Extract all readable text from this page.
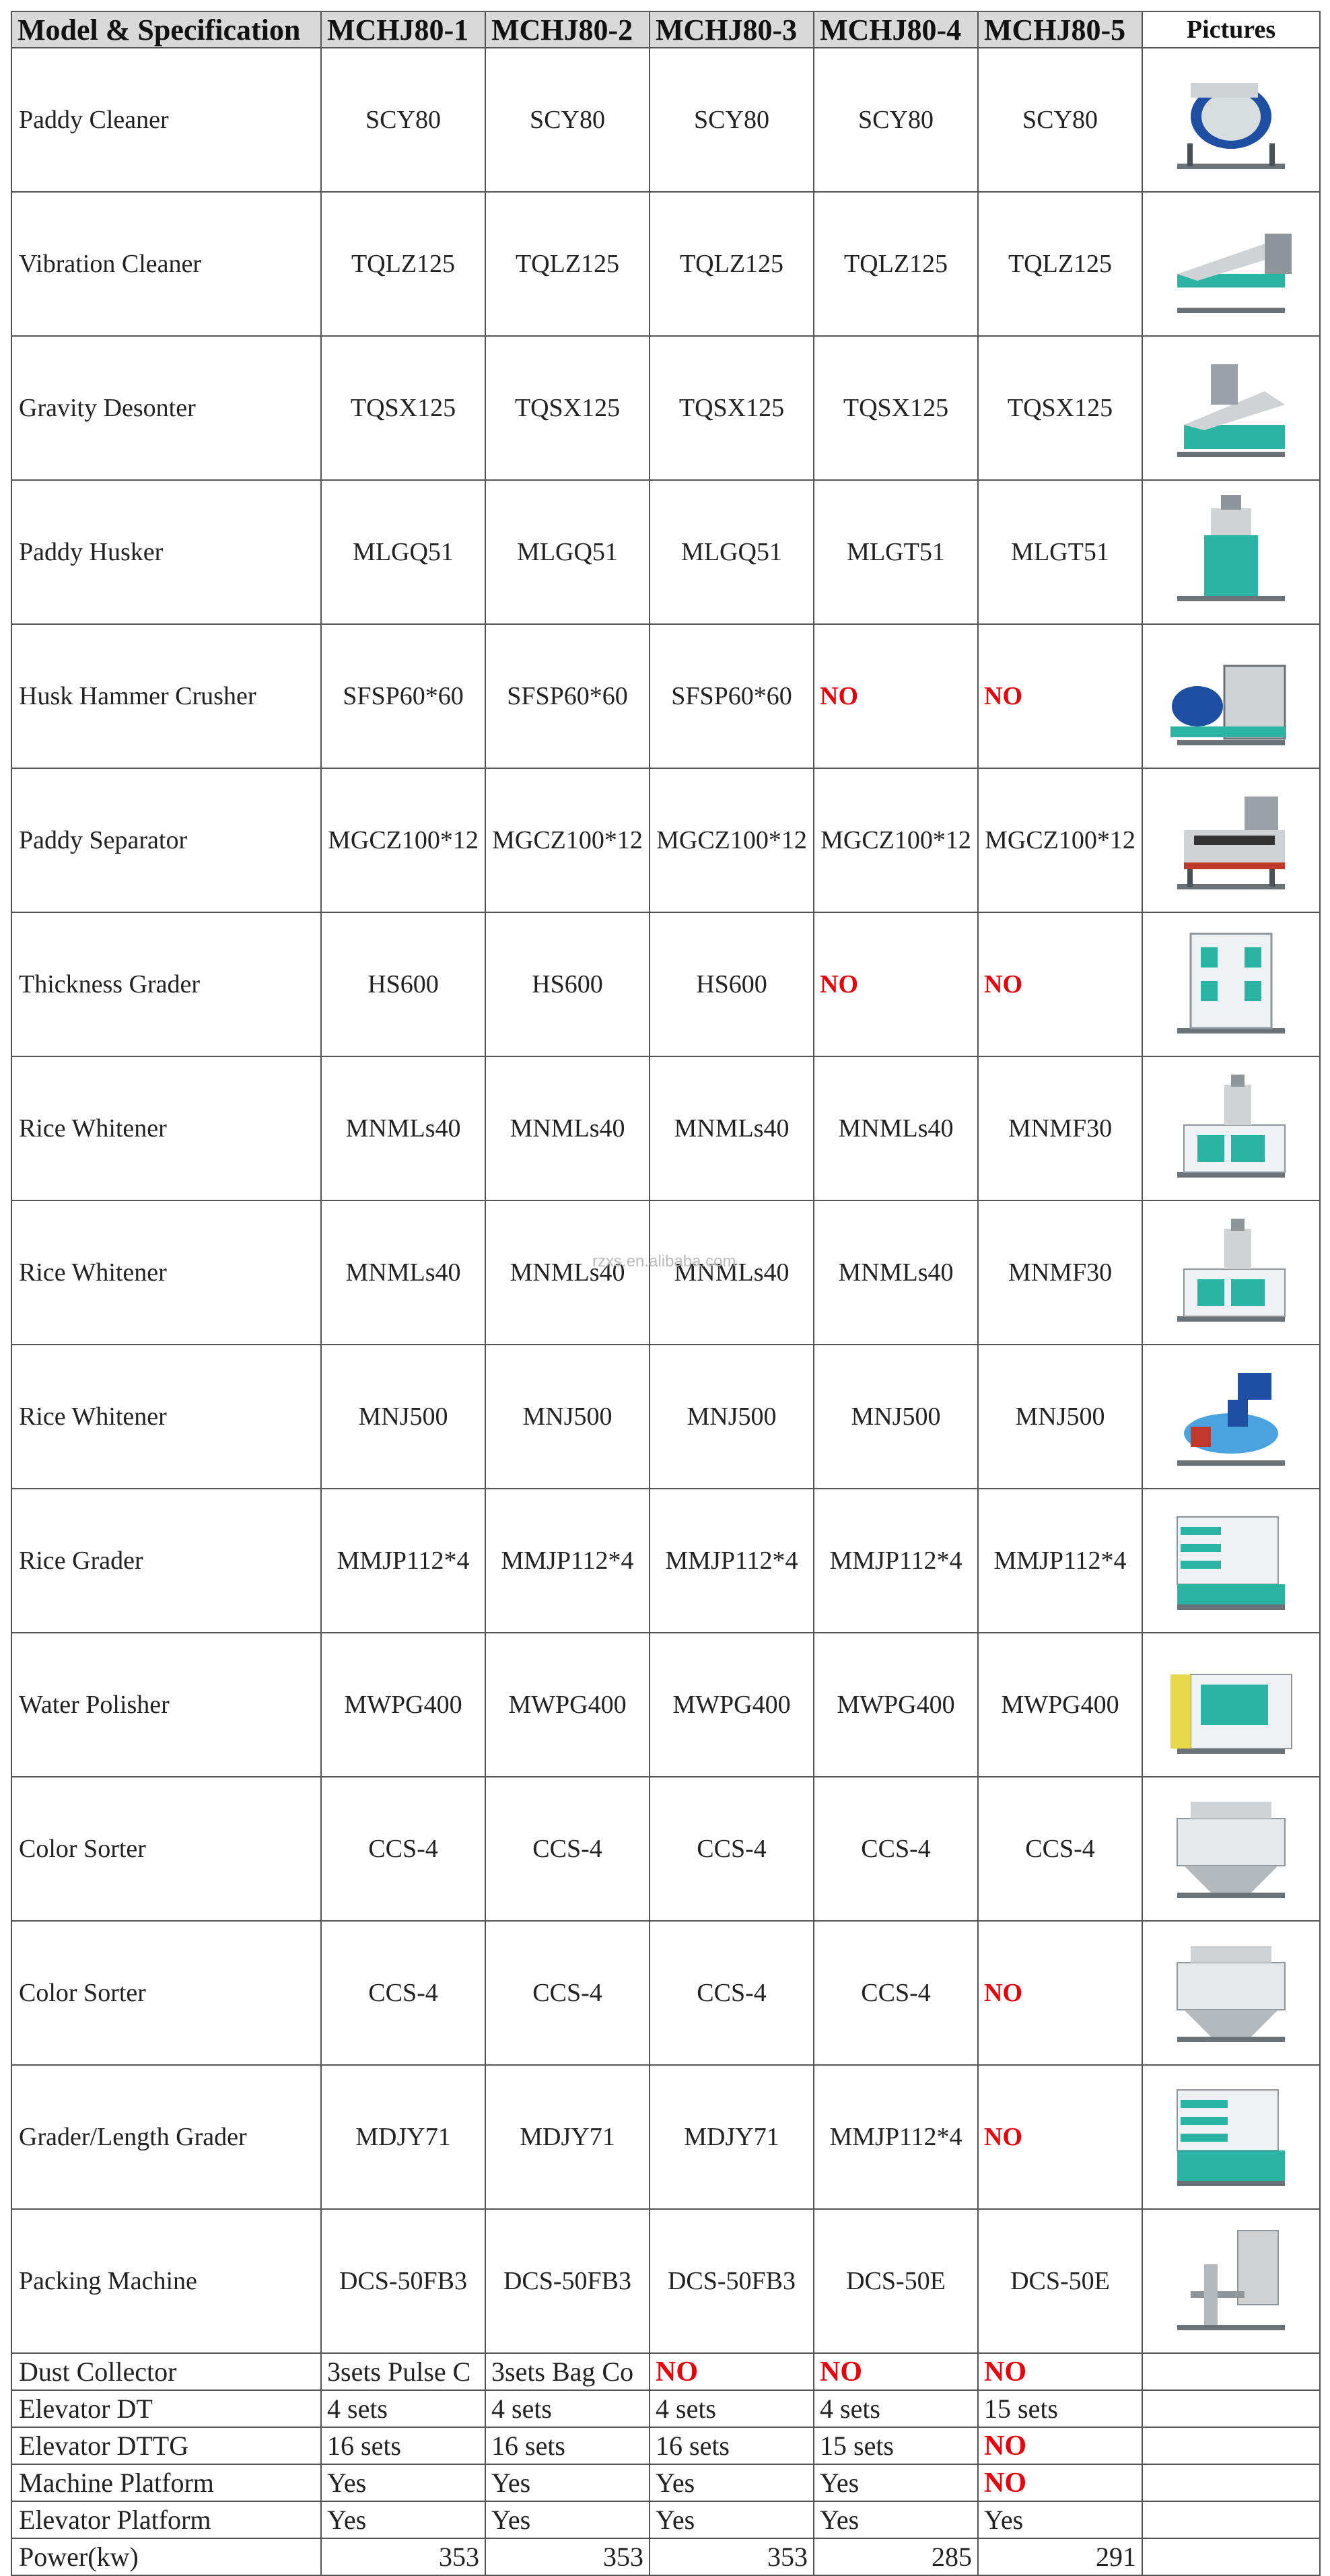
Model & Specification	MCHJ80-1	MCHJ80-2	MCHJ80-3	MCHJ80-4	MCHJ80-5	Pictures
Paddy Cleaner	SCY80	SCY80	SCY80	SCY80	SCY80	
Vibration Cleaner	TQLZ125	TQLZ125	TQLZ125	TQLZ125	TQLZ125	
Gravity Desonter	TQSX125	TQSX125	TQSX125	TQSX125	TQSX125	
Paddy Husker	MLGQ51	MLGQ51	MLGQ51	MLGT51	MLGT51	
Husk Hammer Crusher	SFSP60*60	SFSP60*60	SFSP60*60	NO	NO	
Paddy Separator	MGCZ100*12	MGCZ100*12	MGCZ100*12	MGCZ100*12	MGCZ100*12	
Thickness Grader	HS600	HS600	HS600	NO	NO	
Rice Whitener	MNMLs40	MNMLs40	MNMLs40	MNMLs40	MNMF30	
Rice Whitener	MNMLs40	MNMLs40	MNMLs40	MNMLs40	MNMF30	
Rice Whitener	MNJ500	MNJ500	MNJ500	MNJ500	MNJ500	
Rice Grader	MMJP112*4	MMJP112*4	MMJP112*4	MMJP112*4	MMJP112*4	
Water Polisher	MWPG400	MWPG400	MWPG400	MWPG400	MWPG400	
Color Sorter	CCS-4	CCS-4	CCS-4	CCS-4	CCS-4	
Color Sorter	CCS-4	CCS-4	CCS-4	CCS-4	NO	
Grader/Length Grader	MDJY71	MDJY71	MDJY71	MMJP112*4	NO	
Packing Machine	DCS-50FB3	DCS-50FB3	DCS-50FB3	DCS-50E	DCS-50E	
Dust Collector	3sets Pulse C	3sets Bag Co	NO	NO	NO	
Elevator DT	4 sets	4 sets	4 sets	4 sets	15 sets	
Elevator DTTG	16 sets	16 sets	16 sets	15 sets	NO	
Machine Platform	Yes	Yes	Yes	Yes	NO	
Elevator Platform	Yes	Yes	Yes	Yes	Yes	
Power(kw)	353	353	353	285	291	
rzxs.en.alibaba.com
